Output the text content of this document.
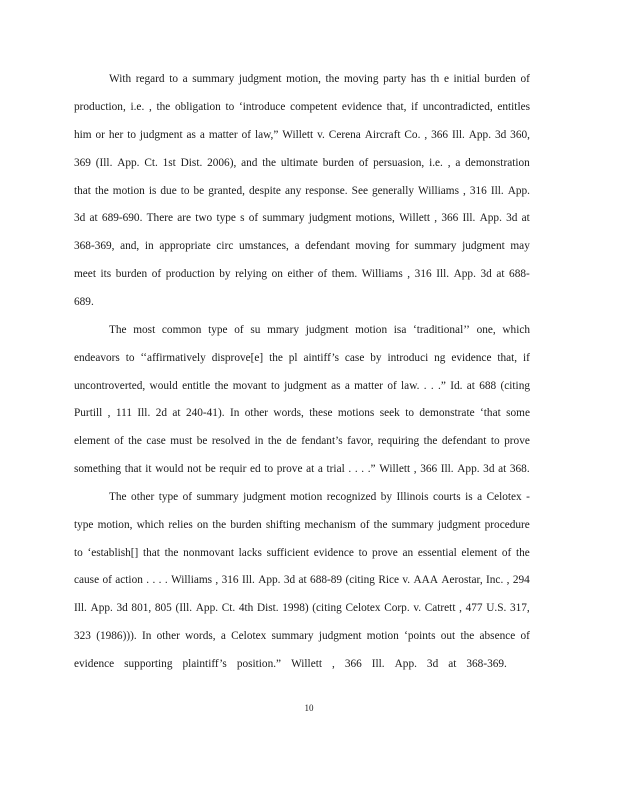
With regard to a summary judgment motion, the moving party has th e initial burden of
production, i.e. , the obligation to ‘introduce competent evidence that, if uncontradicted, entitles
him or her to judgment as a matter of law,” Willett v. Cerena Aircraft Co. , 366 Ill. App. 3d 360,
369 (Ill. App. Ct. 1st Dist. 2006), and the ultimate burden of persuasion, i.e. , a demonstration
that the motion is due to be granted, despite any response. See generally Williams , 316 Ill. App.
3d at 689-690. There are two type s of summary judgment motions, Willett , 366 Ill. App. 3d at
368-369, and, in appropriate circ umstances, a defendant moving for summary judgment may
meet its burden of production by relying on either of them. Williams , 316 Ill. App. 3d at 688-
689.
The most common type of su mmary judgment motion isa ‘traditional’’ one, which
endeavors to ‘‘affirmatively disprove[e] the pl aintiff’s case by introduci ng evidence that, if
uncontroverted, would entitle the movant to judgment as a matter of law. . . .” Id. at 688 (citing
Purtill , 111 Ill. 2d at 240-41). In other words, these motions seek to demonstrate ‘that some
element of the case must be resolved in the de fendant’s favor, requiring the defendant to prove
something that it would not be requir ed to prove at a trial . . . .” Willett , 366 Ill. App. 3d at 368.
The other type of summary judgment motion recognized by Illinois courts is a Celotex -
type motion, which relies on the burden shifting mechanism of the summary judgment procedure
to ‘establish[] that the nonmovant lacks sufficient evidence to prove an essential element of the
cause of action . . . . Williams , 316 Ill. App. 3d at 688-89 (citing Rice v. AAA Aerostar, Inc. , 294
Ill. App. 3d 801, 805 (Ill. App. Ct. 4th Dist. 1998) (citing Celotex Corp. v. Catrett , 477 U.S. 317,
323 (1986))). In other words, a Celotex summary judgment motion ‘points out the absence of
evidence supporting plaintiff’s position.” Willett , 366 Ill. App. 3d at 368-369.
10
